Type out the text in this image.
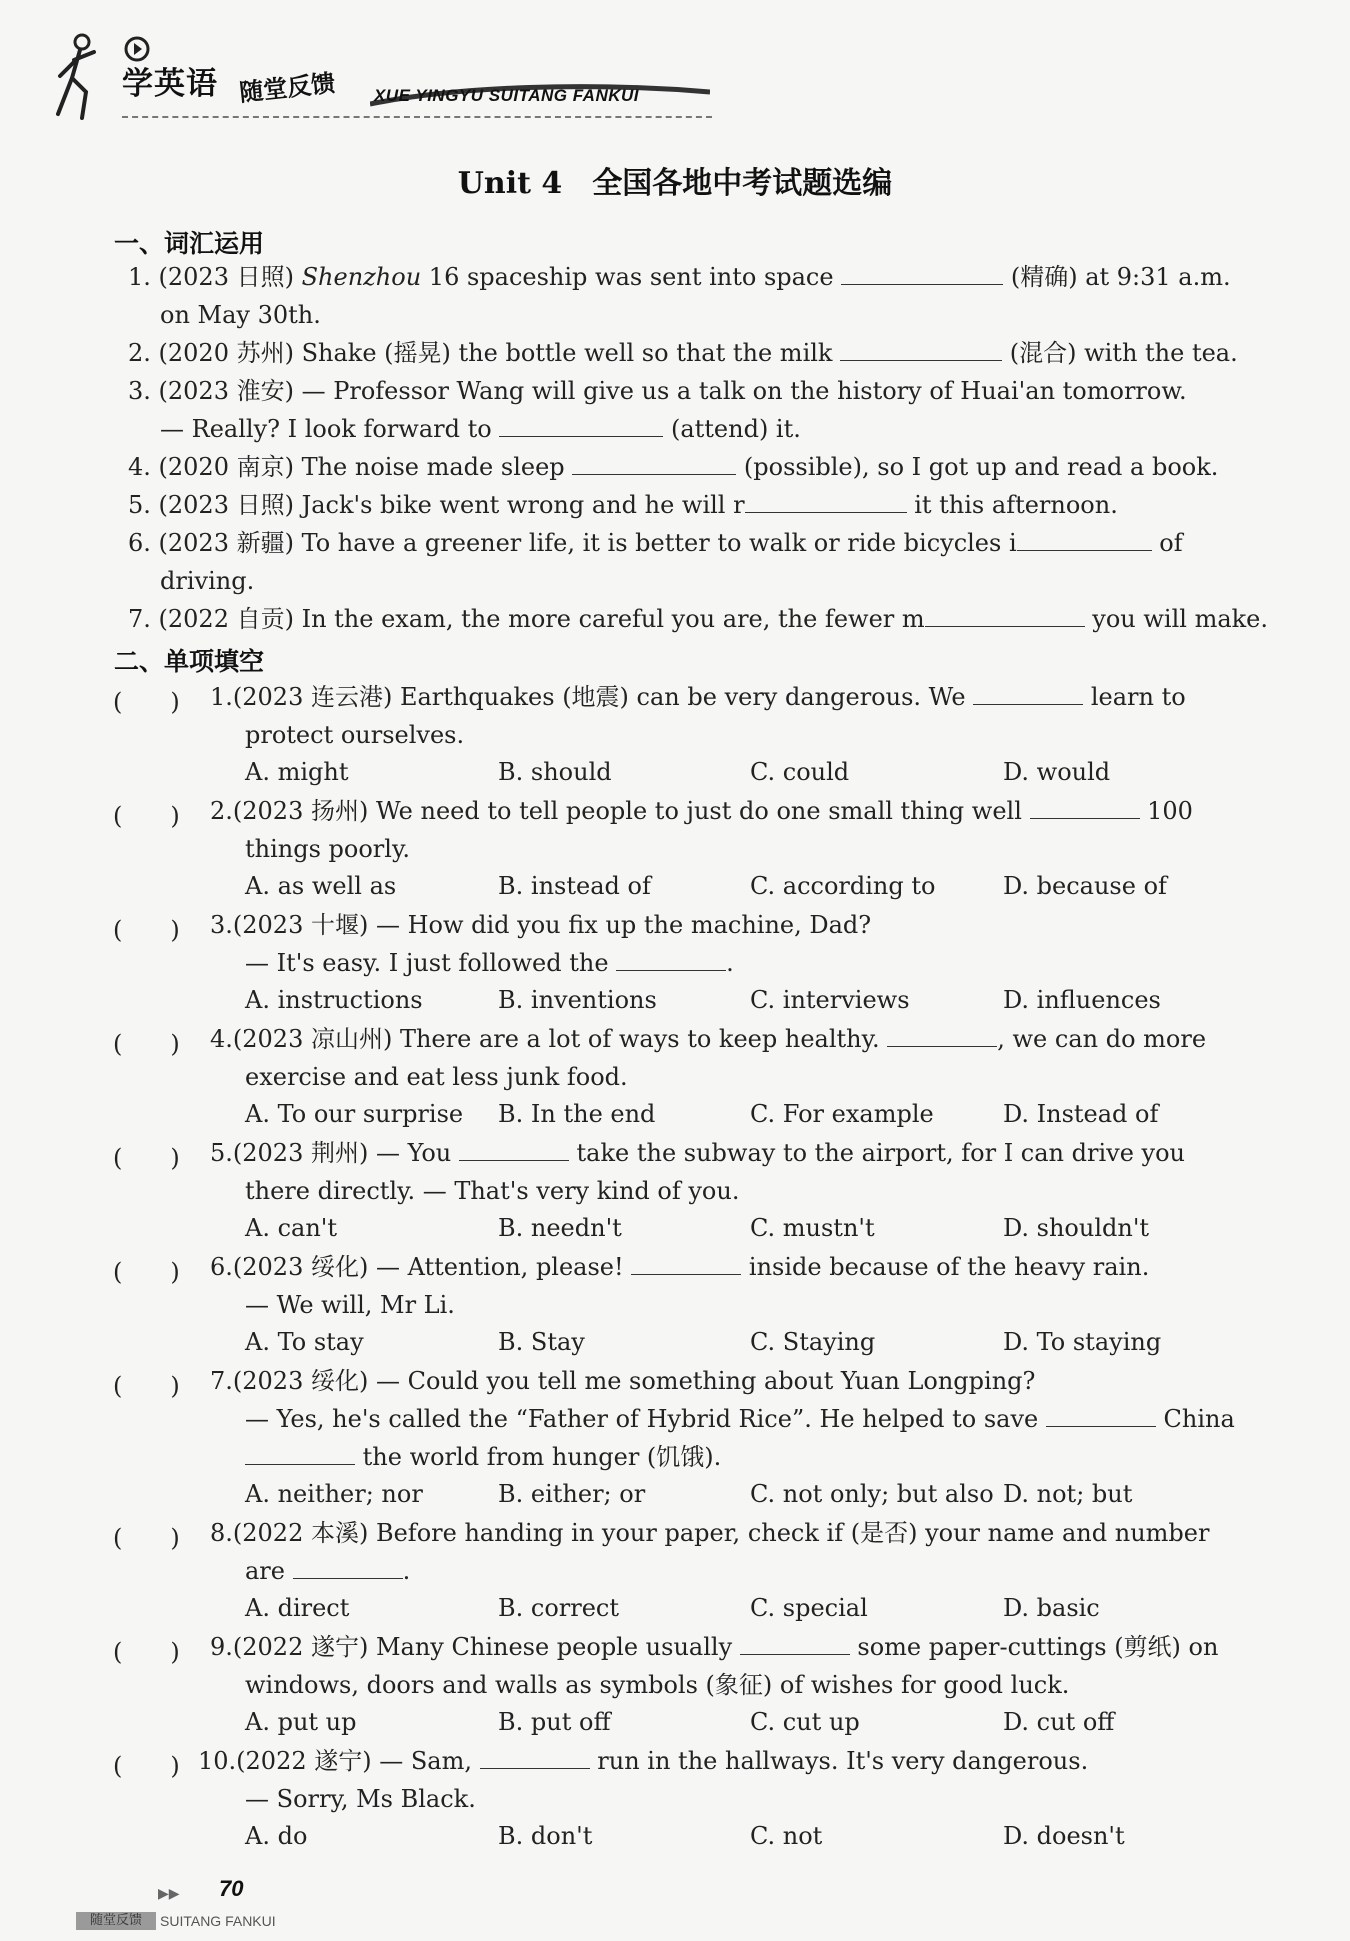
学英语 随堂反馈 XUE YINGYU SUITANG FANKUI
Unit 4　全国各地中考试题选编
一、词汇运用
1. (2023 日照) Shenzhou 16 spaceship was sent into space	(精确) at 9:31 a.m.
on May 30th.
2. (2020 苏州) Shake (摇晃) the bottle well so that the milk	(混合) with the tea.
3. (2023 淮安) — Professor Wang will give us a talk on the history of Huai'an tomorrow.
— Really? I look forward to	(attend) it.
4. (2020 南京) The noise made sleep	(possible), so I got up and read a book.
5. (2023 日照) Jack's bike went wrong and he will r	it this afternoon.
6. (2023 新疆) To have a greener life, it is better to walk or ride bicycles i	of
driving.
7. (2022 自贡) In the exam, the more careful you are, the fewer m	you will make.
二、单项填空
(　　) 1.(2023 连云港) Earthquakes (地震) can be very dangerous. We	learn to
protect ourselves.
A. might	B. should	C. could	D. would
(　　) 2.(2023 扬州) We need to tell people to just do one small thing well	100
things poorly.
A. as well as	B. instead of	C. according to	D. because of
(　　) 3.(2023 十堰) — How did you fix up the machine, Dad?
— It's easy. I just followed the	.
A. instructions	B. inventions	C. interviews	D. influences
(　　) 4.(2023 凉山州) There are a lot of ways to keep healthy.	, we can do more
exercise and eat less junk food.
A. To our surprise B. In the end	C. For example	D. Instead of
(　　) 5.(2023 荆州) — You	take the subway to the airport, for I can drive you
there directly. — That's very kind of you.
A. can't	B. needn't	C. mustn't	D. shouldn't
(　　) 6.(2023 绥化) — Attention, please!	inside because of the heavy rain.
— We will, Mr Li.
A. To stay	B. Stay	C. Staying	D. To staying
(　　) 7.(2023 绥化) — Could you tell me something about Yuan Longping?
— Yes, he's called the “Father of Hybrid Rice”. He helped to save	China
the world from hunger (饥饿).
A. neither; nor	B. either; or	C. not only; but also D. not; but
(　　) 8.(2022 本溪) Before handing in your paper, check if (是否) your name and number
are	.
A. direct	B. correct	C. special	D. basic
(　　) 9.(2022 遂宁) Many Chinese people usually	some paper-cuttings (剪纸) on
windows, doors and walls as symbols (象征) of wishes for good luck.
A. put up	B. put off	C. cut up	D. cut off
(　　) 10.(2022 遂宁) — Sam,	run in the hallways. It's very dangerous.
— Sorry, Ms Black.
A. do	B. don't	C. not	D. doesn't
▶▶ 70
随堂反馈	SUITANG FANKUI
